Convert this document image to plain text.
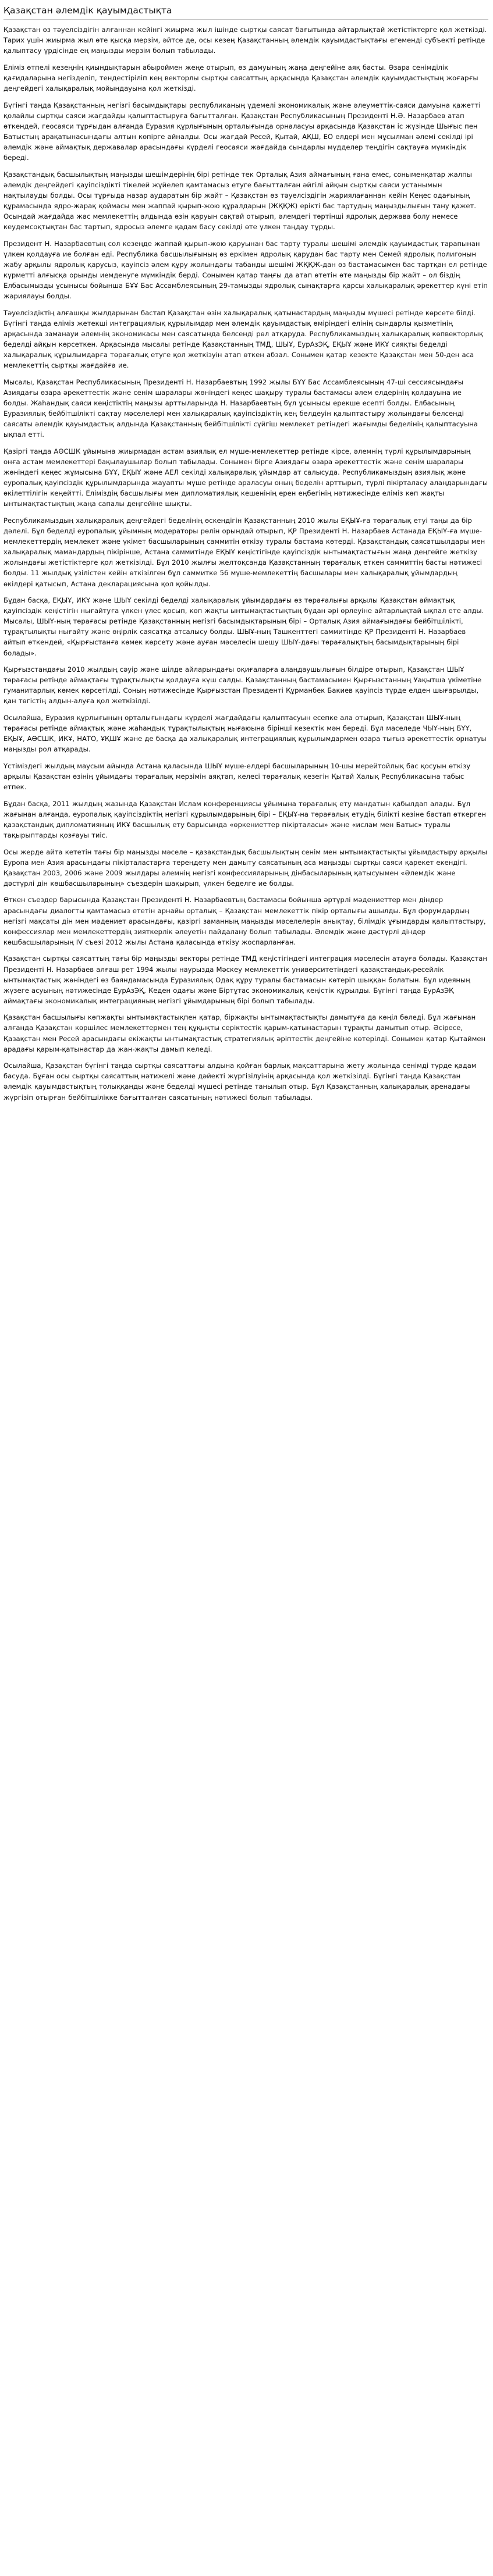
Қазақстан әлемдік қауымдастықта

Қазақстан өз тәуелсіздігін алғаннан кейінгі жиырма жыл ішінде сыртқы саясат бағытында айтарлықтай жетістіктерге қол жеткізді. Тарих үшін жиырма жыл өте қысқа мерзім, әйтсе де, осы кезең Қазақстанның әлемдік қауымдастықтағы егемендi субъектi ретінде қалыптасу үрдiсiнде ең маңызды мерзiм болып табылады.

Еліміз өтпелі кезеңнің қиындықтарын абыроймен жеңе отырып, өз дамуының жаңа деңгейіне аяқ басты. Өзара сенімділік қағидаларына негізделіп, тендестіріліп кең векторлы сыртқы саясаттың арқасында Қазақстан әлемдік қауымдастықтың жоғарғы деңгейдегі халықаралық мойындауына қол жеткізді.

Бүгінгі таңда Қазақстанның негізгі басымдықтары республиканың үдемелі экономикалық және әлеуметтік-саяси дамуына қажетті қолайлы сыртқы саяси жағдайды қалыптастыруға бағытталған. Қазақстан Республикасының Президенті Н.Ә. Назарбаев атап өткендей, геосаяси тұрғыдан алғанда Еуразия құрлығының орталығында орналасуы арқасында Қазақстан іс жүзінде Шығыс пен Батыстың арақатынасындағы алтын көпірге айналды. Осы жағдай Ресей, Қытай, АҚШ, ЕО елдері мен мұсылман әлемі секілді ірі әлемдік және аймақтық державалар арасындағы күрделі геосаяси жағдайда сындарлы мүдделер теңдігін сақтауға мүмкіндік береді.

Қазақстандық басшылықтың маңызды шешімдерінің бірі ретінде тек Орталық Азия аймағының ғана емес, соныменқатар жалпы әлемдік деңгейдегі қауіпсіздікті тікелей жүйелеп қамтамасыз етуге бағытталған әйгілі айқын сыртқы саяси устанымын нақтылауды болды. Осы тұрғыда назар аударатын бір жайт – Қазақстан өз тәуелсіздігін жариялағаннан кейін Кеңес одағының құрамасында ядро-жарақ қоймасы мен жаппай қырып-жою құралдарын (ЖҚҚЖ) ерікті бас тартудың маңыздылығын тану қажет. Осындай жағдайда жас мемлекеттің алдында өзін қаруын сақтай отырып, әлемдегі төртінші ядролық держава болу немесе кеудемсоқтықтан бас тартып, ядросыз әлемге қадам басу секілді өте үлкен таңдау тұрды.

Президент Н. Назарбаевтың сол кезеңде жаппай қырып-жою қаруынан бас тарту туралы шешімі әлемдік қауымдастық тарапынан үлкен қолдауға ие болған еді. Республика басшылығының өз еркімен ядролық қарудан бас тарту мен Семей ядролық полигонын жабу арқылы ядролық қарусыз, қауіпсіз әлем құру жолындағы табанды шешімі ЖҚҚЖ-дан өз бастамасымен бас тартқан ел ретінде күрметті алғысқа орынды иемденуге мүмкіндік берді. Сонымен қатар таңғы да атап өтетін өте маңызды бір жайт – ол біздің Елбасымызды ұсынысы бойынша БҰҰ Бас Ассамблеясының 29-тамызды ядролық сынақтарға қарсы халықаралық әрекеттер күні етіп жариялауы болды.

Тәуелсіздіктің алғашқы жылдарынан бастап Қазақстан өзін халықаралық қатынастардың маңызды мүшесі ретінде көрсете білді. Бүгінгі таңда еліміз жетекші интеграциялық құрылымдар мен әлемдік қауымдастық өміріндегі елінің сындарлы қызметінің арқасында заманауи әлемнің экономикасы мен саясатында белсенді рөл атқаруда. Республикамыздың халықаралық көпвекторлық беделді айқын көрсеткен. Арқасында мысалы ретінде Қазақстанның ТМД, ШЫҰ, ЕурАзЭҚ, ЕҚЫҰ және ИКҰ сияқты беделді халықаралық құрылымдарға төрағалық етуге қол жеткізуін атап өткен абзал. Сонымен қатар кезекте Қазақстан мен 50-ден аса мемлекеттің сыртқы жағдайға ие.

Мысалы, Қазақстан Республикасының Президенті Н. Назарбаевтың 1992 жылы БҰҰ Бас Ассамблеясының 47-ші сессиясындағы Азиядағы өзара әрекеттестік және сенім шаралары жөніндегі кеңес шақыру туралы бастамасы әлем елдерінің қолдауына ие болды. Жаһандық саяси кеңістіктің маңызы арттыларында Н. Назарбаевтың бүл ұсынысы ерекше есепті болды. Елбасының Еуразиялық бейбітшілікті сақтау мәселелері мен халықаралық қауіпсіздіктің кең белдеуін қалыптастыру жолындағы белсенді саясаты әлемдік қауымдастық алдында Қазақстанның бейбітшілікті сүйгіш мемлекет ретіндегі жағымды беделінің қалыптасуына ықпал етті.

Қазіргі таңда АӨСШК ұйымына жиырмадан астам азиялық ел мүше-мемлекеттер ретінде кірсе, әлемнің түрлі құрылымдарының онға астам мемлекеттері бақылаушылар болып табылады. Сонымен бірге Азиядағы өзара әрекеттестік және сенім шаралары жөніндегі кеңес жұмысына БҰҰ, ЕҚЫҰ және АЕЛ секілді халықаралық ұйымдар ат салысуда. Республикамыздың азиялық және еуропалық қауіпсіздік құрылымдарында жауапты мүше ретінде араласуы оның беделін арттырып, түрлі пікірталасу алаңдарындағы өкілеттілігін кеңейтті. Еліміздің басшылығы мен дипломатиялық кешенінің ерен еңбегінің нәтижесінде еліміз көп жақты ынтымақтастықтың жаңа сапалы деңгейіне шықты.

Республикамыздың халықаралық деңгейдегі беделінің өскендігін Қазақстанның 2010 жылы ЕҚЫҰ-ға төрағалық етуі таңы да бір дәлелі. Бұл беделді еуропалық ұйымның модераторы рөлін орындай отырып, ҚР Президенті Н. Назарбаев Астанада ЕҚЫҰ-ға мүше-мемлекеттердің мемлекет және үкімет басшыларының саммитін өткізу туралы бастама көтерді. Қазақстандық саясатшылдары мен халықаралық мамандардың пікірінше, Астана саммитінде ЕҚЫҰ кеңістігінде қауіпсіздік ынтымақтастығын жаңа деңгейге жеткізу жолындағы жетістіктерге қол жеткізілді. Бұл 2010 жылғы желтоқсанда Қазақстанның төрағалық еткен саммиттің басты нәтижесі болды. 11 жылдық үзілістен кейін өткізілген бұл саммитке 56 мүше-мемлекеттің басшылары мен халықаралық ұйымдардың өкілдері қатысып, Астана декларациясына қол қойылды.

Бұдан басқа, ЕҚЫҰ, ИКҰ және ШЫҰ секілді беделді халықаралық ұйымдардағы өз төрағалығы арқылы Қазақстан аймақтық қауіпсіздік кеңістігін нығайтуға үлкен үлес қосып, көп жақты ынтымақтастықтың бүдан әрі өрлеуіне айтарлықтай ықпал ете алды. Мысалы, ШЫҰ-ның төрағасы ретінде Қазақстанның негізгі басымдықтарының бірі – Орталық Азия аймағындағы бейбітшілікті, тұрақтылықты нығайту және өңірлік саясатқа атсалысу болды. ШЫҰ-ның Ташкенттегі саммитінде ҚР Президенті Н. Назарбаев айтып өткендей, «Қырғыстанға көмек көрсету және ауған мәселесін шешу ШЫҰ-дағы төрағалықтың басымдықтарының бірі болады».

Қырғызстандағы 2010 жылдың сәуір және шілде айларындағы оқиғаларға алаңдаушылығын білдіре отырып, Қазақстан ШЫҰ төрағасы ретінде аймақтағы тұрақтылықты қолдауға күш салды. Қазақстанның бастамасымен Қырғызстанның Уақытша үкіметіне гуманитарлық көмек көрсетілді. Соның нәтижесінде Қырғызстан Президенті Құрманбек Бакиев қауіпсіз түрде елден шығарылды, қан төгістің алдын-алуға қол жеткізілді.

Осылайша, Еуразия құрлығының орталығындағы күрделі жағдайдағы қалыптасуын есепке ала отырып, Қазақстан ШЫҰ-ның төрағасы ретінде аймақтық және жаһандық тұрақтылықтың нығаюына бірінші кезектік мән береді. Бұл маселеде ЧЫҰ-ның БҰҰ, ЕҚЫҰ, АӨСШК, ИКҰ, НАТО, ҰҚШҰ және де басқа да халықаралық интеграциялық құрылымдармен өзара тығыз әрекеттестік орнатуы маңызды рол атқарады.

Үстіміздегі жылдың маусым айында Астана қаласында ШЫҰ мүше-елдері басшыларының 10-шы мерейтойлық бас қосуын өткізу арқылы Қазақстан өзінің ұйымдағы төрағалық мерзімін аяқтап, келесі төрағалық кезегін Қытай Халық Республикасына табыс етпек.

Бұдан басқа, 2011 жылдың жазында Қазақстан Ислам конференциясы ұйымына төрағалық ету мандатын қабылдап алады. Бұл жағынан алғанда, еуропалық қауіпсіздіктің негізгі құрылымдарының бірі – ЕҚЫҰ-на төрағалық етудің білікті кезіне бастап өткерген қазақстандық дипломатияның ИКҰ басшылық ету барысында «өркениеттер пікірталасы» және «ислам мен Батыс» туралы тақырыптарды қозғауы тиіс.

Осы жерде айта кететін тағы бір маңызды мәселе – қазақстандық басшылықтың сенім мен ынтымақтастықты ұйымдастыру арқылы Еуропа мен Азия арасындағы пікірталастарға тереңдету мен дамыту саясатының аса маңызды сыртқы саяси қарекет екендігі. Қазақстан 2003, 2006 және 2009 жылдары әлемнің негізгі конфессияларының дінбасыларының қатысуымен «Әлемдік және дәстүрлі дін көшбасшыларының» съездерін шақырып, үлкен беделге ие болды.

Өткен съездер барысында Қазақстан Президенті Н. Назарбаевтың бастамасы бойынша әртүрлі мәдениеттер мен діндер арасындағы диалогты қамтамасыз ететін арнайы орталық – Қазақстан мемлекеттік пікір орталығы ашылды. Бұл форумдардың негізгі мақсаты дін мен мәдениет арасындағы, қазіргі заманның маңызды мәселелерін анықтау, білімдік ұғымдарды қалыптастыру, конфессиялар мен мемлекеттердің зияткерлік әлеуетін пайдалану болып табылады. Әлемдік және дәстүрлі діндер көшбасшыларының IV съезі 2012 жылы Астана қаласында өткізу жоспарланған.

Қазақстан сыртқы саясаттың тағы бір маңызды векторы ретінде ТМД кеңістігіндегі интеграция мәселесін атауға болады. Қазақстан Президенті Н. Назарбаев алғаш рет 1994 жылы наурызда Мәскеу мемлекеттік университетіндегі қазақстандық-ресейлік ынтымақтастық жөніндегі өз баяндамасында Еуразиялық Одақ құру туралы бастамасын көтеріп шыққан болатын. Бұл идеяның жүзеге асуының нәтижесінде ЕурАзЭҚ, Кеден одағы және Біртұтас экономикалық кеңістік құрылды. Бүгінгі таңда ЕурАзЭҚ аймақтағы экономикалық интеграцияның негізгі ұйымдарының бірі болып табылады.

Қазақстан басшылығы көпжақты ынтымақтастықпен қатар, біржақты ынтымақтастықты дамытуға да көңіл бөледі. Бұл жағынан алғанда Қазақстан көршілес мемлекеттермен тең құқықты серіктестік қарым-қатынастарын тұрақты дамытып отыр. Әсіресе, Қазақстан мен Ресей арасындағы екіжақты ынтымақтастық стратегиялық әріптестік деңгейіне көтерілді. Сонымен қатар Қытаймен арадағы қарым-қатынастар да жан-жақты дамып келеді.

Осылайша, Қазақстан бүгінгі таңда сыртқы саясаттағы алдына қойған барлық мақсаттарына жету жолында сенімді түрде қадам басуда. Бұған осы сыртқы саясаттың нәтижелі және дәйекті жүргізілуінің арқасында қол жеткізілді. Бүгінгі таңда Қазақстан әлемдік қауымдастықтың толыққанды және беделді мүшесі ретінде танылып отыр. Бұл Қазақстанның халықаралық аренадағы жүргізіп отырған бейбітшілікке бағытталған саясатының нәтижесі болып табылады.
